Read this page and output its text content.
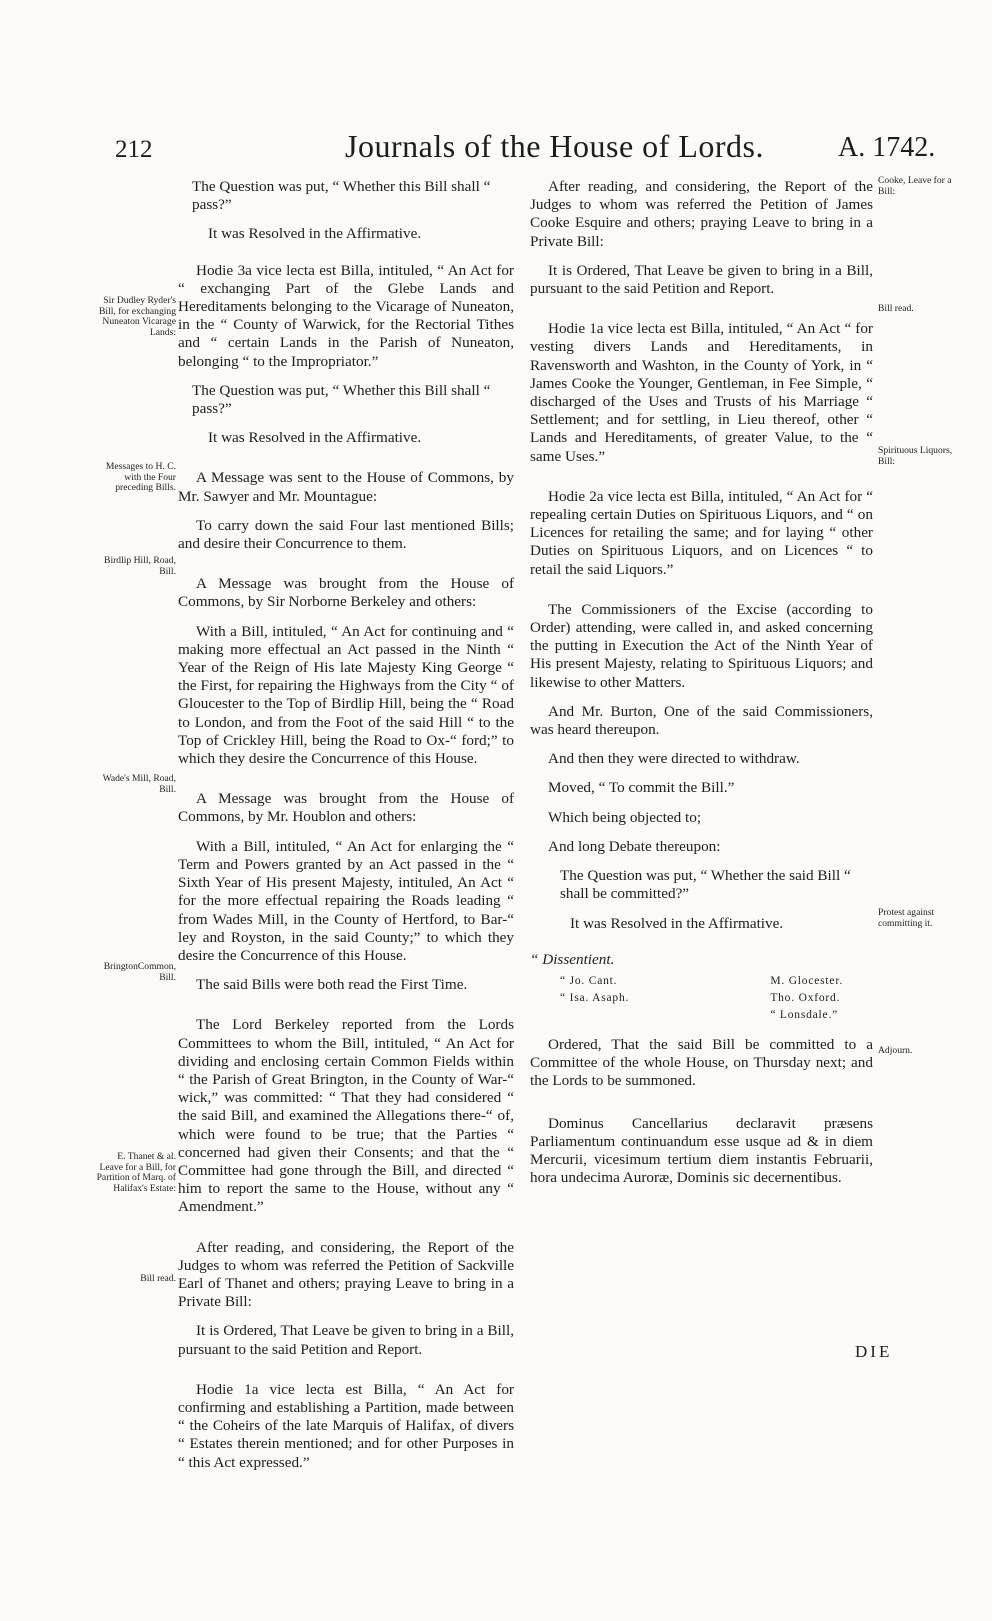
212	Journals of the House of Lords.	A. 1742.
Sir Dudley Ryder's Bill, for exchanging Nuneaton Vicarage Lands:
Messages to H. C. with the Four preceding Bills.
Birdlip Hill, Road, Bill.
Wade's Mill, Road, Bill.
BringtonCommon, Bill.
E. Thanet & al. Leave for a Bill, for Partition of Marq. of Halifax's Estate:
Bill read.
Cooke, Leave for a Bill:
Bill read.
Spirituous Liquors, Bill:
Protest against committing it.
Adjourn.

The Question was put, “ Whether this Bill shall “ pass?”

It was Resolved in the Affirmative.

Hodie 3a vice lecta est Billa, intituled, “ An Act for “ exchanging Part of the Glebe Lands and Hereditaments belonging to the Vicarage of Nuneaton, in the “ County of Warwick, for the Rectorial Tithes and “ certain Lands in the Parish of Nuneaton, belonging “ to the Impropriator.”

The Question was put, “ Whether this Bill shall “ pass?”

It was Resolved in the Affirmative.

A Message was sent to the House of Commons, by Mr. Sawyer and Mr. Mountague:

To carry down the said Four last mentioned Bills; and desire their Concurrence to them.

A Message was brought from the House of Commons, by Sir Norborne Berkeley and others:

With a Bill, intituled, “ An Act for continuing and “ making more effectual an Act passed in the Ninth “ Year of the Reign of His late Majesty King George “ the First, for repairing the Highways from the City “ of Gloucester to the Top of Birdlip Hill, being the “ Road to London, and from the Foot of the said Hill “ to the Top of Crickley Hill, being the Road to Ox-“ ford;” to which they desire the Concurrence of this House.

A Message was brought from the House of Commons, by Mr. Houblon and others:

With a Bill, intituled, “ An Act for enlarging the “ Term and Powers granted by an Act passed in the “ Sixth Year of His present Majesty, intituled, An Act “ for the more effectual repairing the Roads leading “ from Wades Mill, in the County of Hertford, to Bar-“ ley and Royston, in the said County;” to which they desire the Concurrence of this House.

The said Bills were both read the First Time.

The Lord Berkeley reported from the Lords Committees to whom the Bill, intituled, “ An Act for dividing and enclosing certain Common Fields within “ the Parish of Great Brington, in the County of War-“ wick,” was committed: “ That they had considered “ the said Bill, and examined the Allegations there-“ of, which were found to be true; that the Parties “ concerned had given their Consents; and that the “ Committee had gone through the Bill, and directed “ him to report the same to the House, without any “ Amendment.”

After reading, and considering, the Report of the Judges to whom was referred the Petition of Sackville Earl of Thanet and others; praying Leave to bring in a Private Bill:

It is Ordered, That Leave be given to bring in a Bill, pursuant to the said Petition and Report.

Hodie 1a vice lecta est Billa, “ An Act for confirming and establishing a Partition, made between “ the Coheirs of the late Marquis of Halifax, of divers “ Estates therein mentioned; and for other Purposes in “ this Act expressed.”

After reading, and considering, the Report of the Judges to whom was referred the Petition of James Cooke Esquire and others; praying Leave to bring in a Private Bill:

It is Ordered, That Leave be given to bring in a Bill, pursuant to the said Petition and Report.

Hodie 1a vice lecta est Billa, intituled, “ An Act “ for vesting divers Lands and Hereditaments, in Ravensworth and Washton, in the County of York, in “ James Cooke the Younger, Gentleman, in Fee Simple, “ discharged of the Uses and Trusts of his Marriage “ Settlement; and for settling, in Lieu thereof, other “ Lands and Hereditaments, of greater Value, to the “ same Uses.”

Hodie 2a vice lecta est Billa, intituled, “ An Act for “ repealing certain Duties on Spirituous Liquors, and “ on Licences for retailing the same; and for laying “ other Duties on Spirituous Liquors, and on Licences “ to retail the said Liquors.”

The Commissioners of the Excise (according to Order) attending, were called in, and asked concerning the putting in Execution the Act of the Ninth Year of His present Majesty, relating to Spirituous Liquors; and likewise to other Matters.

And Mr. Burton, One of the said Commissioners, was heard thereupon.

And then they were directed to withdraw.

Moved, “ To commit the Bill.”

Which being objected to;

And long Debate thereupon:

The Question was put, “ Whether the said Bill “ shall be committed?”

It was Resolved in the Affirmative.

“ Dissentient.

“ Jo. Cant.
“ Isa. Asaph.
M. Glocester.
Tho. Oxford.
“ Lonsdale.”

Ordered, That the said Bill be committed to a Committee of the whole House, on Thursday next; and the Lords to be summoned.

Dominus Cancellarius declaravit præsens Parliamentum continuandum esse usque ad & in diem Mercurii, vicesimum tertium diem instantis Februarii, hora undecima Auroræ, Dominis sic decernentibus.

DIE
